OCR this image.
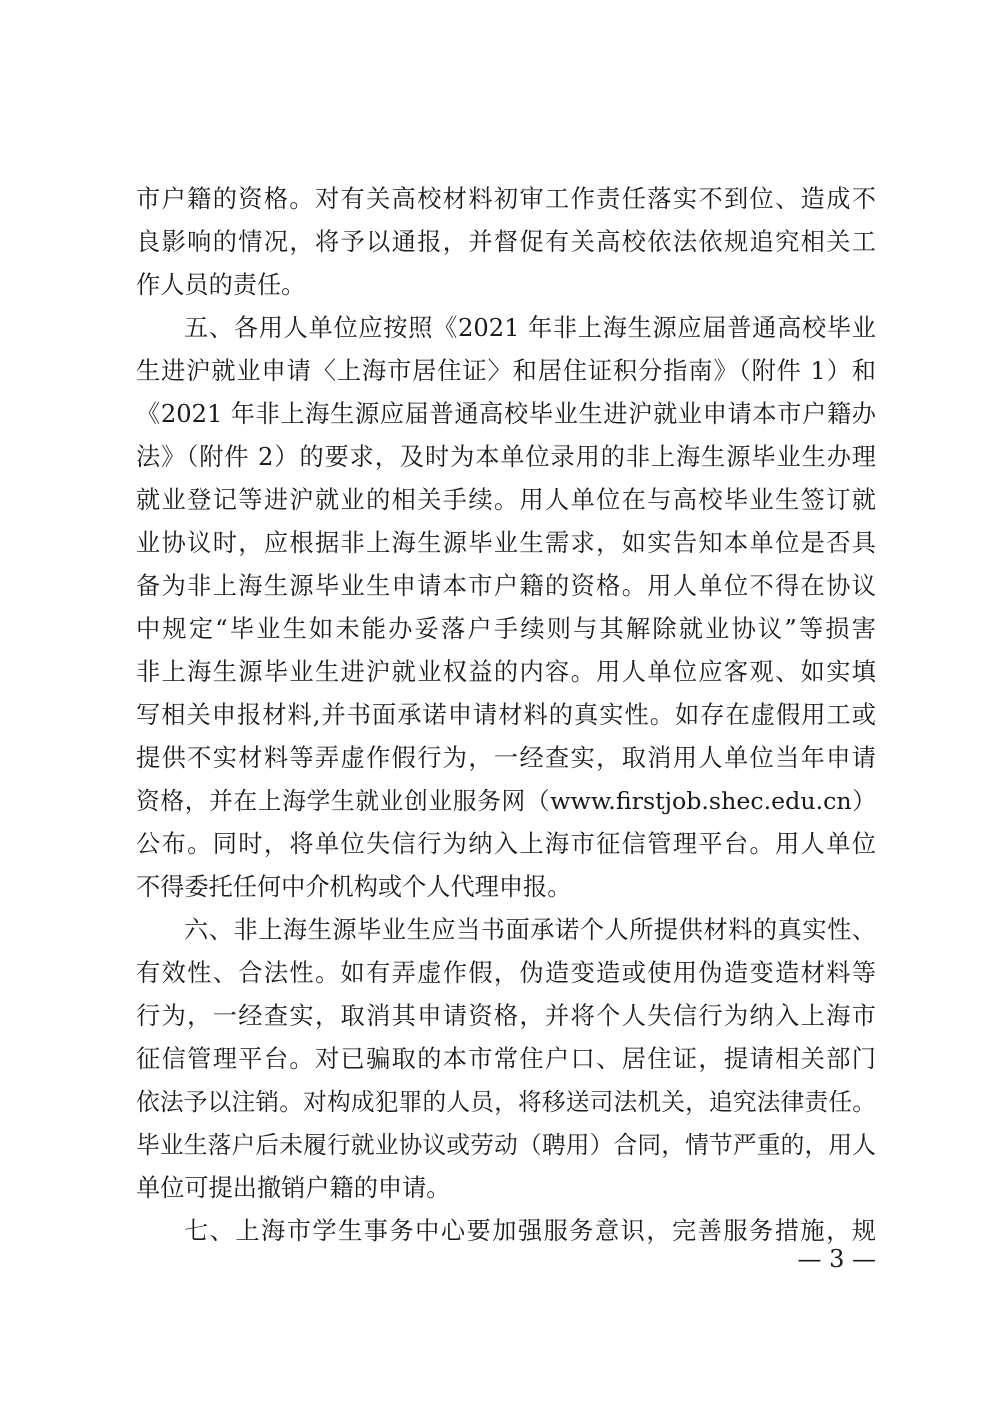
市户籍的资格。对有关高校材料初审工作责任落实不到位、造成不
良影响的情况，将予以通报，并督促有关高校依法依规追究相关工
作人员的责任。
五、各用人单位应按照《2021 年非上海生源应届普通高校毕业
生进沪就业申请〈上海市居住证〉和居住证积分指南》（附件 1）和
《2021 年非上海生源应届普通高校毕业生进沪就业申请本市户籍办
法》（附件 2）的要求，及时为本单位录用的非上海生源毕业生办理
就业登记等进沪就业的相关手续。用人单位在与高校毕业生签订就
业协议时，应根据非上海生源毕业生需求，如实告知本单位是否具
备为非上海生源毕业生申请本市户籍的资格。用人单位不得在协议
中规定“毕业生如未能办妥落户手续则与其解除就业协议”等损害
非上海生源毕业生进沪就业权益的内容。用人单位应客观、如实填
写相关申报材料,并书面承诺申请材料的真实性。如存在虚假用工或
提供不实材料等弄虚作假行为，一经查实，取消用人单位当年申请
资格，并在上海学生就业创业服务网（www.firstjob.shec.edu.cn）
公布。同时，将单位失信行为纳入上海市征信管理平台。用人单位
不得委托任何中介机构或个人代理申报。
六、非上海生源毕业生应当书面承诺个人所提供材料的真实性、
有效性、合法性。如有弄虚作假，伪造变造或使用伪造变造材料等
行为，一经查实，取消其申请资格，并将个人失信行为纳入上海市
征信管理平台。对已骗取的本市常住户口、居住证，提请相关部门
依法予以注销。对构成犯罪的人员，将移送司法机关，追究法律责任。
毕业生落户后未履行就业协议或劳动（聘用）合同，情节严重的，用人
单位可提出撤销户籍的申请。
七、上海市学生事务中心要加强服务意识，完善服务措施，规
— 3 —
